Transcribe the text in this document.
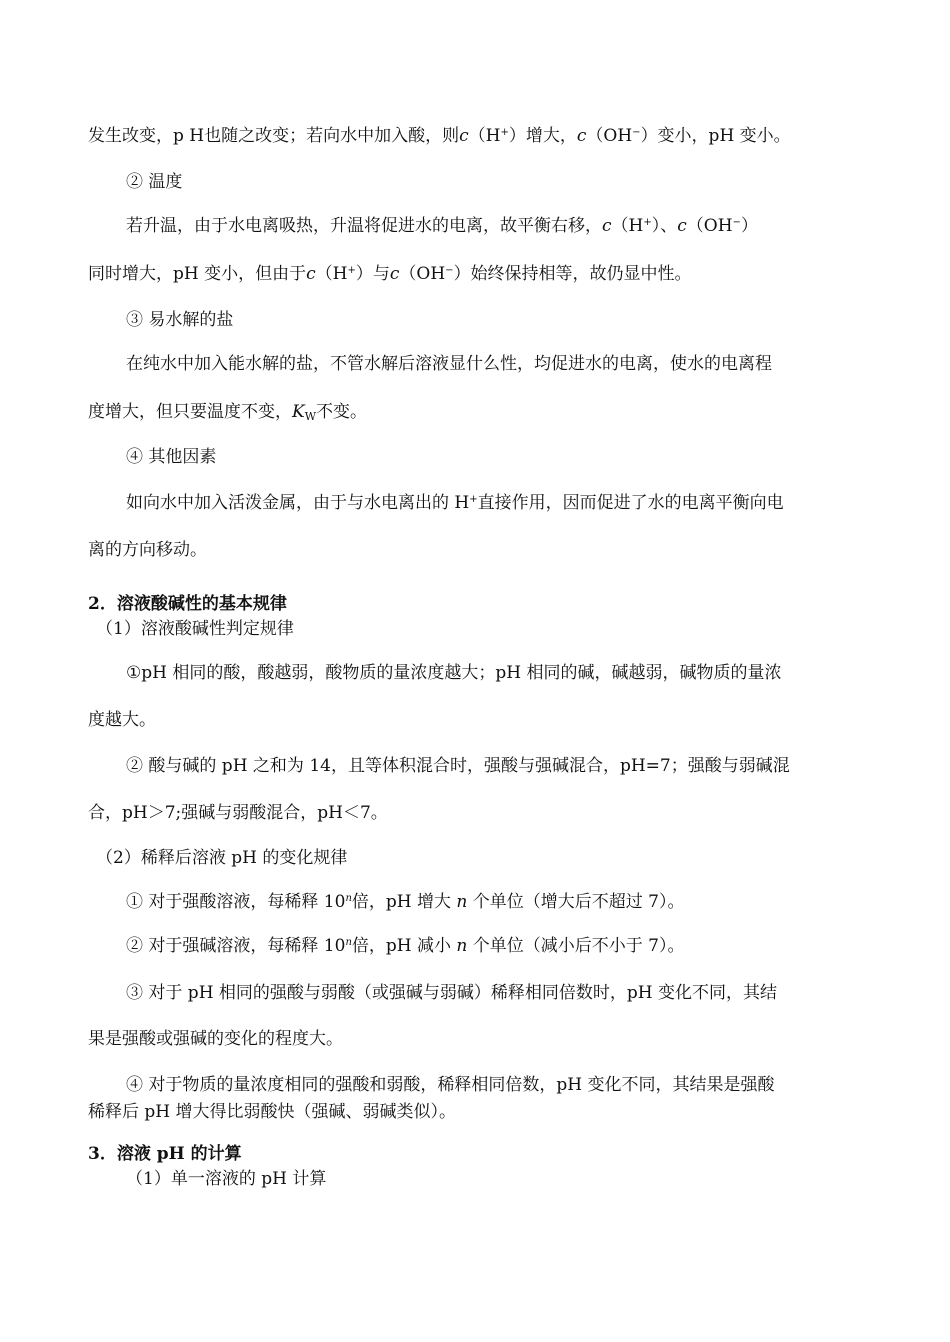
发生改变，p H也随之改变；若向水中加入酸，则c（H+）增大，c（OH−）变小，pH 变小。
② 温度
若升温，由于水电离吸热，升温将促进水的电离，故平衡右移，c（H+）、c（OH−）
同时增大，pH 变小，但由于c（H+）与c（OH−）始终保持相等，故仍显中性。
③ 易水解的盐
在纯水中加入能水解的盐，不管水解后溶液显什么性，均促进水的电离，使水的电离程
度增大，但只要温度不变，$K_W$不变。
④ 其他因素
如向水中加入活泼金属，由于与水电离出的 H+直接作用，因而促进了水的电离平衡向电
离的方向移动。
2．溶液酸碱性的基本规律
（1）溶液酸碱性判定规律
①pH 相同的酸，酸越弱，酸物质的量浓度越大；pH 相同的碱，碱越弱，碱物质的量浓
度越大。
② 酸与碱的 pH 之和为 14，且等体积混合时，强酸与强碱混合，pH=7；强酸与弱碱混
合，pH＞7;强碱与弱酸混合，pH＜7。
（2）稀释后溶液 pH 的变化规律
① 对于强酸溶液，每稀释 10$^n$倍，pH 增大 n 个单位（增大后不超过 7）。
② 对于强碱溶液，每稀释 10$^n$倍，pH 减小 n 个单位（减小后不小于 7）。
③ 对于 pH 相同的强酸与弱酸（或强碱与弱碱）稀释相同倍数时，pH 变化不同，其结
果是强酸或强碱的变化的程度大。
④ 对于物质的量浓度相同的强酸和弱酸，稀释相同倍数，pH 变化不同，其结果是强酸
稀释后 pH 增大得比弱酸快（强碱、弱碱类似）。
3．溶液 pH 的计算
（1）单一溶液的 pH 计算
